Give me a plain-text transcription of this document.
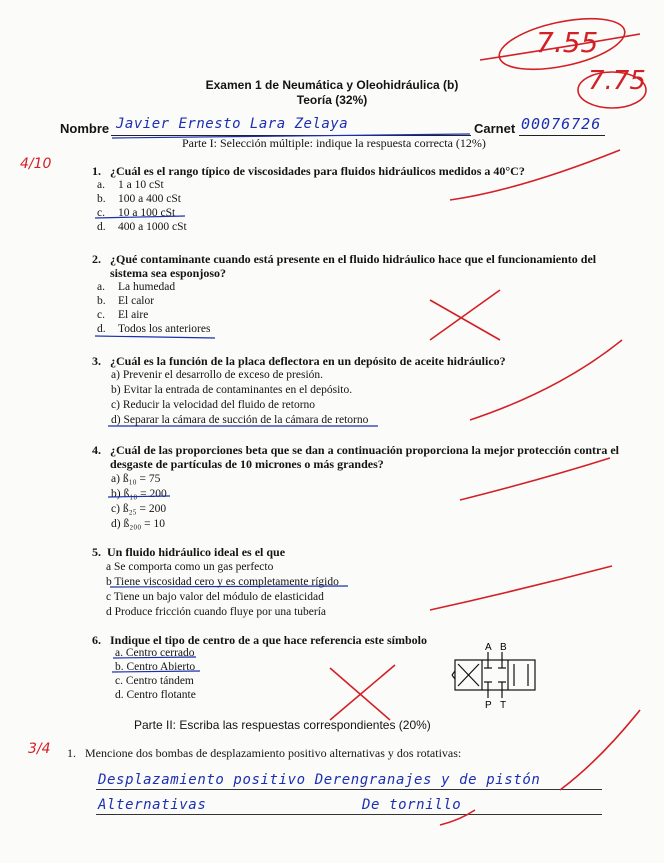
7.55
7.75
4/10
3/4
Examen 1 de Neumática y Oleohidráulica (b)
Teoría (32%)
Nombre Javier Ernesto Lara Zelaya	Carnet 00076726
Parte I: Selección múltiple: indique la respuesta correcta (12%)
1. ¿Cuál es el rango típico de viscosidades para fluidos hidráulicos medidos a 40°C?
a. 1 a 10 cSt
b. 100 a 400 cSt
c. 10 a 100 cSt
d. 400 a 1000 cSt
2. ¿Qué contaminante cuando está presente en el fluido hidráulico hace que el funcionamiento del sistema sea esponjoso?
a. La humedad
b. El calor
c. El aire
d. Todos los anteriores
3. ¿Cuál es la función de la placa deflectora en un depósito de aceite hidráulico?
a) Prevenir el desarrollo de exceso de presión.
b) Evitar la entrada de contaminantes en el depósito.
c) Reducir la velocidad del fluido de retorno
d) Separar la cámara de succión de la cámara de retorno
4. ¿Cuál de las proporciones beta que se dan a continuación proporciona la mejor protección contra el desgaste de partículas de 10 micrones o más grandes?
a) ß₁₀ = 75
b) ß₁₀ = 200
c) ß₂₅ = 200
d) ß₂₀₀ = 10
5. Un fluido hidráulico ideal es el que
a Se comporta como un gas perfecto
b Tiene viscosidad cero y es completamente rígido
c Tiene un bajo valor del módulo de elasticidad
d Produce fricción cuando fluye por una tubería
6. Indique el tipo de centro de a que hace referencia este símbolo
a. Centro cerrado
b. Centro Abierto
c. Centro tándem
d. Centro flotante
A B
P T
Parte II: Escriba las respuestas correspondientes (20%)
1. Mencione dos bombas de desplazamiento positivo alternativas y dos rotativas:
Desplazamiento positivo Derengranajes y de pistón
Alternativas	De tornillo
